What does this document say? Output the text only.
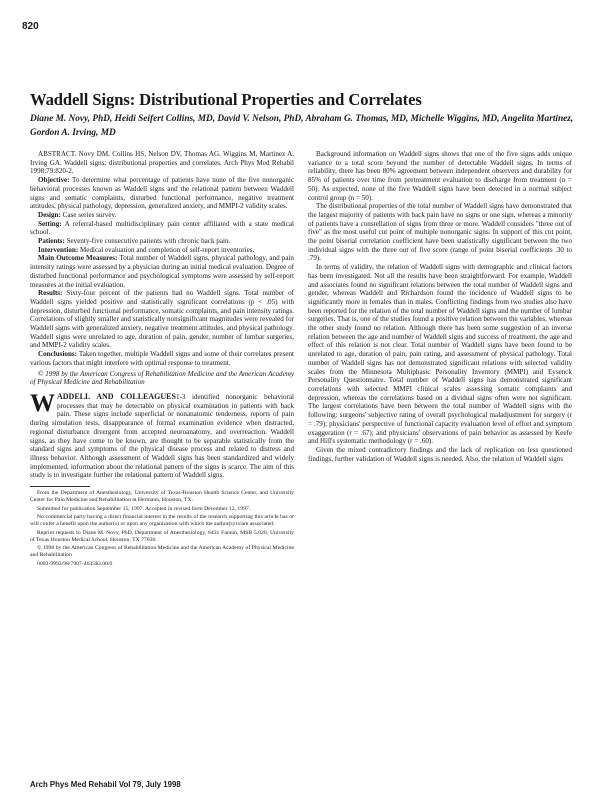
820
Waddell Signs: Distributional Properties and Correlates

Diane M. Novy, PhD, Heidi Seifert Collins, MD, David V. Nelson, PhD, Abraham G. Thomas, MD, Michelle Wiggins, MD, Angelita Martinez, Gordon A. Irving, MD

ABSTRACT. Novy DM, Collins HS, Nelson DV, Thomas AG, Wiggins M, Martinez A, Irving GA. Waddell signs: distributional properties and correlates. Arch Phys Med Rehabil 1998;79:820-2.

Objective: To determine what percentage of patients have none of the five nonorganic behavioral processes known as Waddell signs and the relational pattern between Waddell signs and somatic complaints, disturbed functional performance, negative treatment attitudes, physical pathology, depression, generalized anxiety, and MMPI-2 validity scales.

Design: Case series survey.

Setting: A referral-based multidisciplinary pain center affiliated with a state medical school.

Patients: Seventy-five consecutive patients with chronic back pain.

Intervention: Medical evaluation and completion of self-report inventories.

Main Outcome Measures: Total number of Waddell signs, physical pathology, and pain intensity ratings were assessed by a physician during an initial medical evaluation. Degree of disturbed functional performance and psychological symptoms were assessed by self-report measures at the initial evaluation.

Results: Sixty-four percent of the patients had no Waddell signs. Total number of Waddell signs yielded positive and statistically significant correlations (p < .05) with depression, disturbed functional performance, somatic complaints, and pain intensity ratings. Correlations of slightly smaller and statistically nonsignificant magnitudes were revealed for Waddell signs with generalized anxiety, negative treatment attitudes, and physical pathology. Waddell signs were unrelated to age, duration of pain, gender, number of lumbar surgeries, and MMPI-2 validity scales.

Conclusions: Taken together, multiple Waddell signs and some of their correlates present various factors that might interfere with optimal response to treatment.

© 1998 by the American Congress of Rehabilitation Medicine and the American Academy of Physical Medicine and Rehabilitation

WADDELL AND COLLEAGUES1-3 identified nonorganic behavioral processes that may be detectable on physical examination in patients with back pain. These signs include superficial or nonanatomic tenderness, reports of pain during simulation tests, disappearance of formal examination evidence when distracted, regional disturbance divergent from accepted neuroanatomy, and overreaction. Waddell signs, as they have come to be known, are thought to be separable statistically from the standard signs and symptoms of the physical disease process and related to distress and illness behavior. Although assessment of Waddell signs has been standardized and widely implemented, information about the relational pattern of the signs is scarce. The aim of this study is to investigate further the relational pattern of Waddell signs.

From the Department of Anesthesiology, University of Texas-Houston Health Science Center, and University Center for Pain Medicine and Rehabilitation at Hermann, Houston, TX.

Submitted for publication September 15, 1997. Accepted in revised form December 12, 1997.

No commercial party having a direct financial interest in the results of the research supporting this article has or will confer a benefit upon the author(s) or upon any organization with which the author(s) is/are associated.

Reprint requests to Diane M. Novy, PhD, Department of Anesthesiology, 6431 Fannin, MSB 5.020, University of Texas Houston Medical School, Houston, TX 77030.

© 1998 by the American Congress of Rehabilitation Medicine and the American Academy of Physical Medicine and Rehabilitation

0003-9993/98/7907-4635$3.00/0

Background information on Waddell signs shows that one of the five signs adds unique variance to a total score beyond the number of detectable Waddell signs. In terms of reliability, there has been 80% agreement between independent observers and durability for 85% of patients over time from pretreatment evaluation to discharge from treatment (n = 50). As expected, none of the five Waddell signs have been detected in a normal subject control group (n = 50).

The distributional properties of the total number of Waddell signs have demonstrated that the largest majority of patients with back pain have no signs or one sign, whereas a minority of patients have a constellation of signs from three or more. Waddell considers "three out of five" as the most useful cut point of multiple nonorganic signs. In support of this cut point, the point biserial correlation coefficient have been statistically significant between the two individual signs with the three out of five score (range of point biserial coefficients .30 to .79).

In terms of validity, the relation of Waddell signs with demographic and clinical factors has been investigated. Not all the results have been straightforward. For example, Waddell and associates found no significant relations between the total number of Waddell signs and gender, whereas Waddell and Richardson found the incidence of Waddell signs to be significantly more in females than in males. Conflicting findings from two studies also have been reported for the relation of the total number of Waddell signs and the number of lumbar surgeries. That is, one of the studies found a positive relation between the variables, whereas the other study found no relation. Although there has been some suggestion of an inverse relation between the age and number of Waddell signs and success of treatment, the age and effect of this relation is not clear. Total number of Waddell signs have been found to be unrelated to age, duration of pain, pain rating, and assessment of physical pathology. Total number of Waddell signs has not demonstrated significant relations with selected validity scales from the Minnesota Multiphasic Personality Inventory (MMPI) and Eysenck Personality Questionnaire. Total number of Waddell signs has demonstrated significant correlations with selected MMPI clinical scales assessing somatic complaints and depression, whereas the correlations based on a dividual signs often were not significant. The largest correlations have been between the total number of Waddell signs with the following: surgeons' subjective rating of overall psychological maladjustment for surgery (r = .79); physicians' perspective of functional capacity evaluation level of effort and symptom exaggeration (r = .67); and physicians' observations of pain behavior as assessed by Keefe and Hill's systematic methodology (r = .60).

Given the mixed contradictory findings and the lack of replication on less questioned findings, further validation of Waddell signs is needed. Also, the relation of Waddell signs

Arch Phys Med Rehabil Vol 79, July 1998
